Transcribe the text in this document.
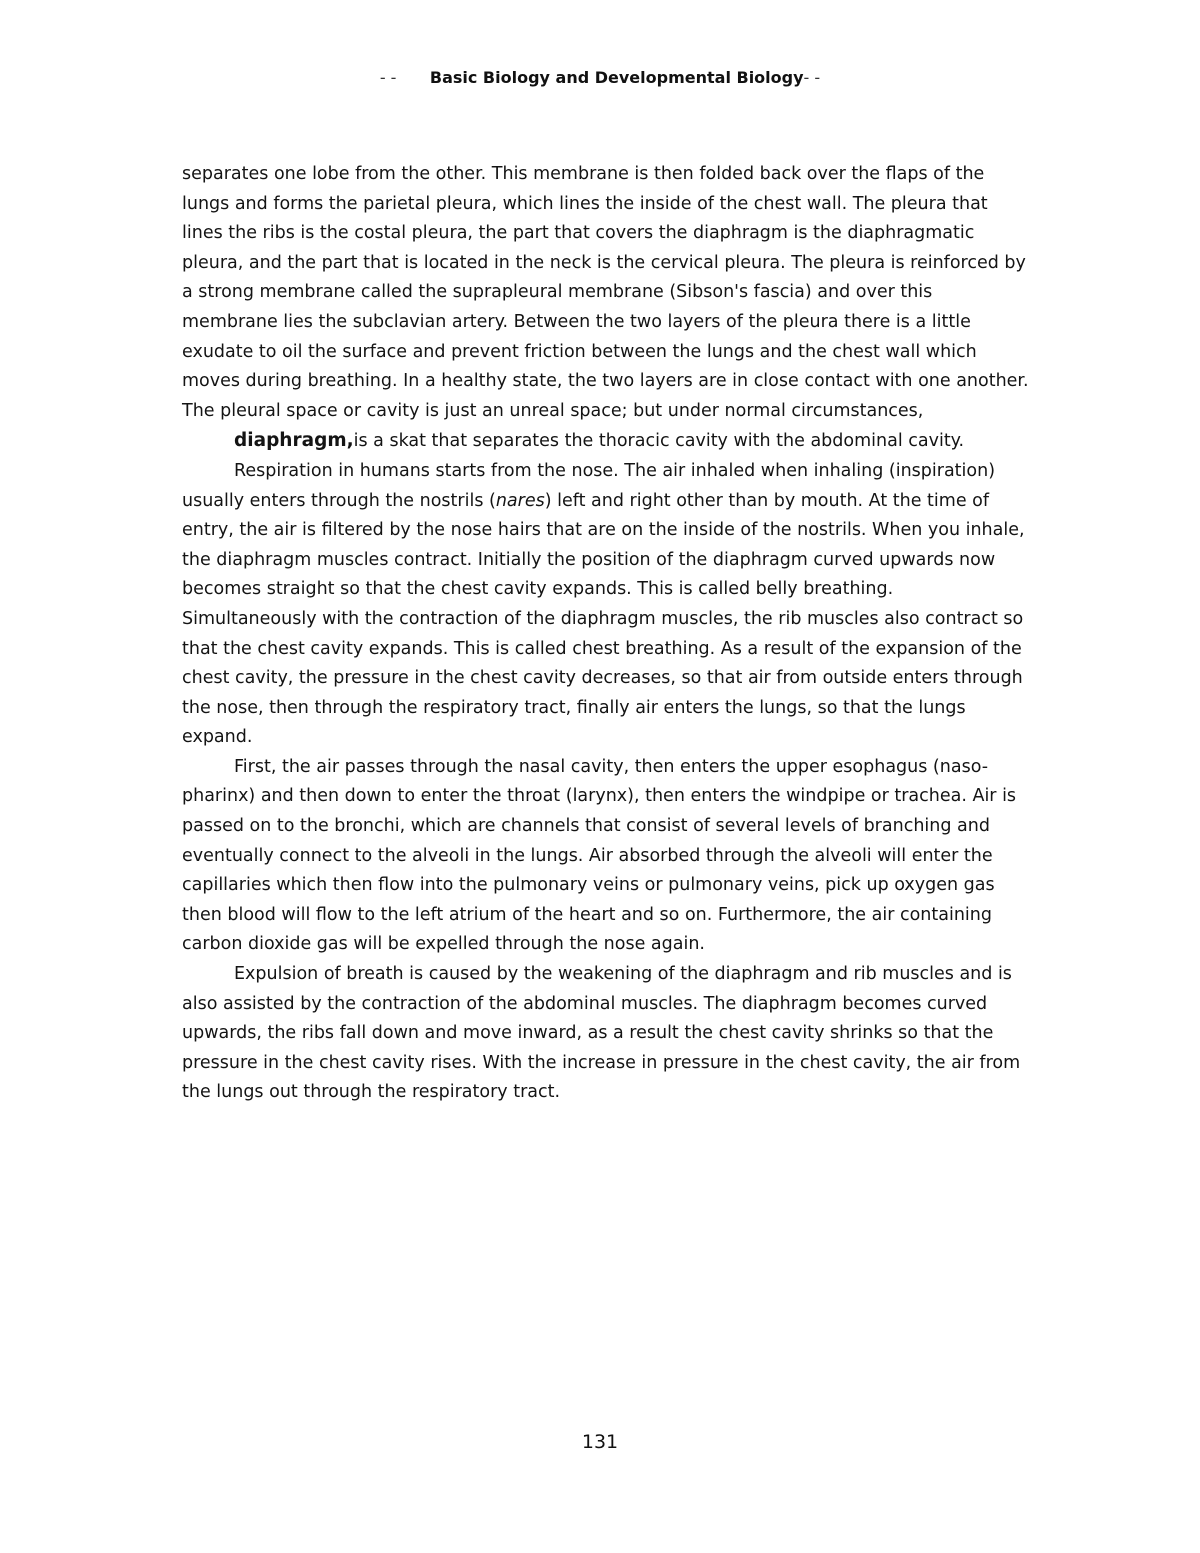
- - Basic Biology and Developmental Biology- -

separates one lobe from the other. This membrane is then folded back over the flaps of the lungs and forms the parietal pleura, which lines the inside of the chest wall. The pleura that lines the ribs is the costal pleura, the part that covers the diaphragm is the diaphragmatic pleura, and the part that is located in the neck is the cervical pleura. The pleura is reinforced by a strong membrane called the suprapleural membrane (Sibson's fascia) and over this membrane lies the subclavian artery. Between the two layers of the pleura there is a little exudate to oil the surface and prevent friction between the lungs and the chest wall which moves during breathing. In a healthy state, the two layers are in close contact with one another. The pleural space or cavity is just an unreal space; but under normal circumstances,

diaphragm,is a skat that separates the thoracic cavity with the abdominal cavity.

Respiration in humans starts from the nose. The air inhaled when inhaling (inspiration) usually enters through the nostrils (nares) left and right other than by mouth. At the time of entry, the air is filtered by the nose hairs that are on the inside of the nostrils. When you inhale, the diaphragm muscles contract. Initially the position of the diaphragm curved upwards now becomes straight so that the chest cavity expands. This is called belly breathing. Simultaneously with the contraction of the diaphragm muscles, the rib muscles also contract so that the chest cavity expands. This is called chest breathing. As a result of the expansion of the chest cavity, the pressure in the chest cavity decreases, so that air from outside enters through the nose, then through the respiratory tract, finally air enters the lungs, so that the lungs expand.

First, the air passes through the nasal cavity, then enters the upper esophagus (naso-pharinx) and then down to enter the throat (larynx), then enters the windpipe or trachea. Air is passed on to the bronchi, which are channels that consist of several levels of branching and eventually connect to the alveoli in the lungs. Air absorbed through the alveoli will enter the capillaries which then flow into the pulmonary veins or pulmonary veins, pick up oxygen gas then blood will flow to the left atrium of the heart and so on. Furthermore, the air containing carbon dioxide gas will be expelled through the nose again.

Expulsion of breath is caused by the weakening of the diaphragm and rib muscles and is also assisted by the contraction of the abdominal muscles. The diaphragm becomes curved upwards, the ribs fall down and move inward, as a result the chest cavity shrinks so that the pressure in the chest cavity rises. With the increase in pressure in the chest cavity, the air from the lungs out through the respiratory tract.

131
